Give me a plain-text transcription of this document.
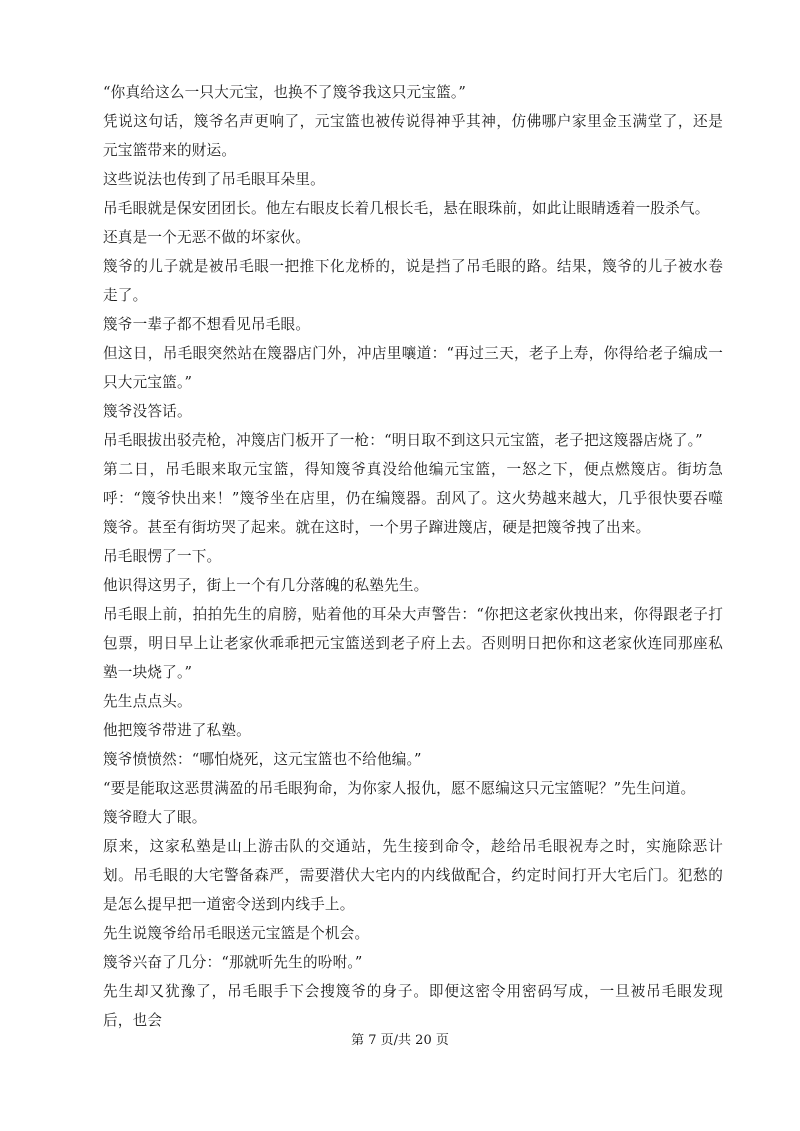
“你真给这么一只大元宝，也换不了篾爷我这只元宝篮。”

凭说这句话，篾爷名声更响了，元宝篮也被传说得神乎其神，仿佛哪户家里金玉满堂了，还是元宝篮带来的财运。

这些说法也传到了吊毛眼耳朵里。

吊毛眼就是保安团团长。他左右眼皮长着几根长毛，悬在眼珠前，如此让眼睛透着一股杀气。

还真是一个无恶不做的坏家伙。

篾爷的儿子就是被吊毛眼一把推下化龙桥的，说是挡了吊毛眼的路。结果，篾爷的儿子被水卷走了。

篾爷一辈子都不想看见吊毛眼。

但这日，吊毛眼突然站在篾器店门外，冲店里嚷道：“再过三天，老子上寿，你得给老子编成一只大元宝篮。”

篾爷没答话。

吊毛眼拔出驳壳枪，冲篾店门板开了一枪：“明日取不到这只元宝篮，老子把这篾器店烧了。”

第二日，吊毛眼来取元宝篮，得知篾爷真没给他编元宝篮，一怒之下，便点燃篾店。街坊急呼：“篾爷快出来！”篾爷坐在店里，仍在编篾器。刮风了。这火势越来越大，几乎很快要吞噬篾爷。甚至有街坊哭了起来。就在这时，一个男子蹿进篾店，硬是把篾爷拽了出来。

吊毛眼愣了一下。

他识得这男子，街上一个有几分落魄的私塾先生。

吊毛眼上前，拍拍先生的肩膀，贴着他的耳朵大声警告：“你把这老家伙拽出来，你得跟老子打包票，明日早上让老家伙乖乖把元宝篮送到老子府上去。否则明日把你和这老家伙连同那座私塾一块烧了。”

先生点点头。

他把篾爷带进了私塾。

篾爷愤愤然：“哪怕烧死，这元宝篮也不给他编。”

“要是能取这恶贯满盈的吊毛眼狗命，为你家人报仇，愿不愿编这只元宝篮呢？”先生问道。

篾爷瞪大了眼。

原来，这家私塾是山上游击队的交通站，先生接到命令，趁给吊毛眼祝寿之时，实施除恶计划。吊毛眼的大宅警备森严，需要潜伏大宅内的内线做配合，约定时间打开大宅后门。犯愁的是怎么提早把一道密令送到内线手上。

先生说篾爷给吊毛眼送元宝篮是个机会。

篾爷兴奋了几分：“那就听先生的吩咐。”

先生却又犹豫了，吊毛眼手下会搜篾爷的身子。即便这密令用密码写成，一旦被吊毛眼发现后，也会

第 7 页/共 20 页
